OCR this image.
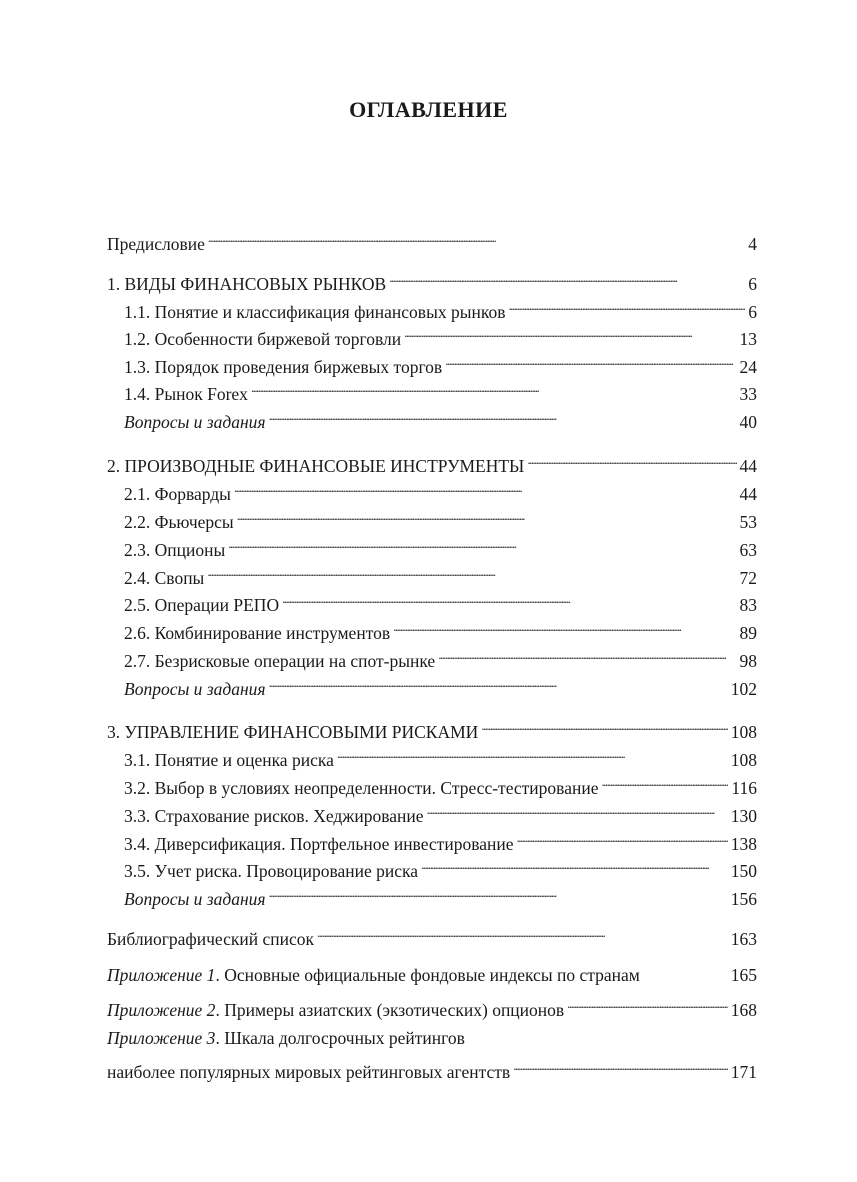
ОГЛАВЛЕНИЕ
Предисловие . . .	4
1. ВИДЫ ФИНАНСОВЫХ РЫНКОВ . . .	6
1.1. Понятие и классификация финансовых рынков . . .	6
1.2. Особенности биржевой торговли . . .	13
1.3. Порядок проведения биржевых торгов . . .	24
1.4. Рынок Forex . . .	33
Вопросы и задания . . .	40
2. ПРОИЗВОДНЫЕ ФИНАНСОВЫЕ ИНСТРУМЕНТЫ . . .	44
2.1. Форварды . . .	44
2.2. Фьючерсы . . .	53
2.3. Опционы . . .	63
2.4. Свопы . . .	72
2.5. Операции РЕПО . . .	83
2.6. Комбинирование инструментов . . .	89
2.7. Безрисковые операции на спот-рынке . . .	98
Вопросы и задания . . .	102
3. УПРАВЛЕНИЕ ФИНАНСОВЫМИ РИСКАМИ . . .	108
3.1. Понятие и оценка риска . . .	108
3.2. Выбор в условиях неопределенности. Стресс-тестирование . . .	116
3.3. Страхование рисков. Хеджирование . . .	130
3.4. Диверсификация. Портфельное инвестирование . . .	138
3.5. Учет риска. Провоцирование риска . . .	150
Вопросы и задания . . .	156
Библиографический список . . .	163
Приложение 1. Основные официальные фондовые индексы по странам	165
Приложение 2. Примеры азиатских (экзотических) опционов . . .	168
Приложение 3. Шкала долгосрочных рейтингов
наиболее популярных мировых рейтинговых агентств . . .	171
